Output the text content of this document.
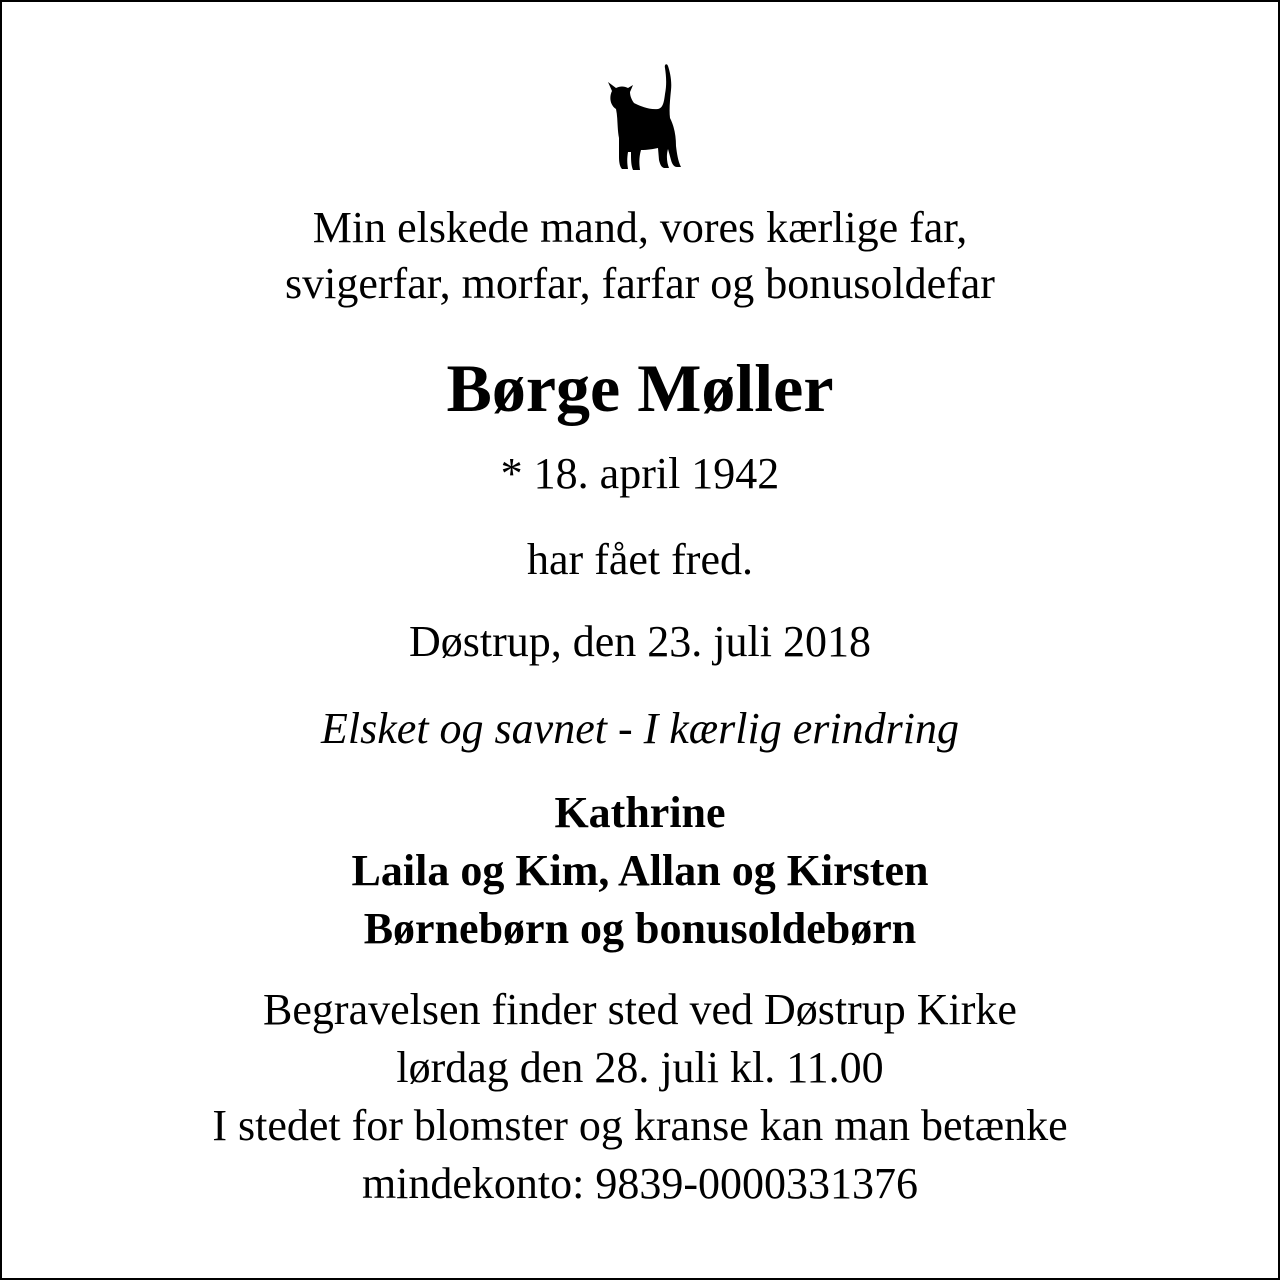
Min elskede mand, vores kærlige far,
svigerfar, morfar, farfar og bonusoldefar
Børge Møller
* 18. april 1942
har fået fred.
Døstrup, den 23. juli 2018
Elsket og savnet - I kærlig erindring
Kathrine
Laila og Kim, Allan og Kirsten
Børnebørn og bonusoldebørn
Begravelsen finder sted ved Døstrup Kirke
lørdag den 28. juli kl. 11.00
I stedet for blomster og kranse kan man betænke
mindekonto: 9839-0000331376
